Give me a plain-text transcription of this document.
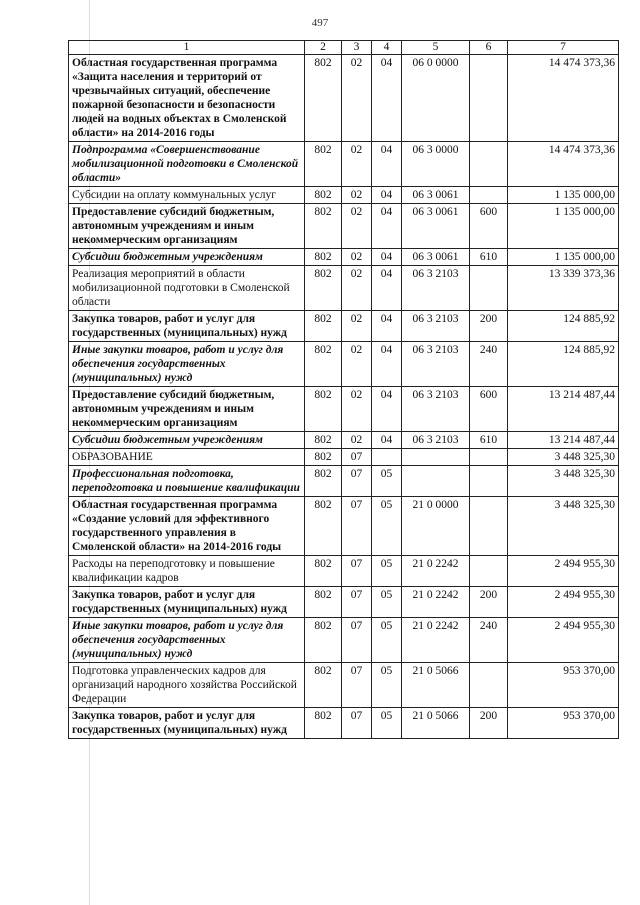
497
1	2	3	4	5	6	7
Областная государственная программа «Защита населения и территорий от чрезвычайных ситуаций, обеспечение пожарной безопасности и безопасности людей на водных объектах в Смоленской области» на 2014-2016 годы	802	02	04	06 0 0000		14 474 373,36
Подпрограмма «Совершенствование мобилизационной подготовки в Смоленской области»	802	02	04	06 3 0000		14 474 373,36
Субсидии на оплату коммунальных услуг	802	02	04	06 3 0061		1 135 000,00
Предоставление субсидий бюджетным, автономным учреждениям и иным некоммерческим организациям	802	02	04	06 3 0061	600	1 135 000,00
Субсидии бюджетным учреждениям	802	02	04	06 3 0061	610	1 135 000,00
Реализация мероприятий в области мобилизационной подготовки в Смоленской области	802	02	04	06 3 2103		13 339 373,36
Закупка товаров, работ и услуг для государственных (муниципальных) нужд	802	02	04	06 3 2103	200	124 885,92
Иные закупки товаров, работ и услуг для обеспечения государственных (муниципальных) нужд	802	02	04	06 3 2103	240	124 885,92
Предоставление субсидий бюджетным, автономным учреждениям и иным некоммерческим организациям	802	02	04	06 3 2103	600	13 214 487,44
Субсидии бюджетным учреждениям	802	02	04	06 3 2103	610	13 214 487,44
ОБРАЗОВАНИЕ	802	07				3 448 325,30
Профессиональная подготовка, переподготовка и повышение квалификации	802	07	05			3 448 325,30
Областная государственная программа «Создание условий для эффективного государственного управления в Смоленской области» на 2014-2016 годы	802	07	05	21 0 0000		3 448 325,30
Расходы на переподготовку и повышение квалификации кадров	802	07	05	21 0 2242		2 494 955,30
Закупка товаров, работ и услуг для государственных (муниципальных) нужд	802	07	05	21 0 2242	200	2 494 955,30
Иные закупки товаров, работ и услуг для обеспечения государственных (муниципальных) нужд	802	07	05	21 0 2242	240	2 494 955,30
Подготовка управленческих кадров для организаций народного хозяйства Российской Федерации	802	07	05	21 0 5066		953 370,00
Закупка товаров, работ и услуг для государственных (муниципальных) нужд	802	07	05	21 0 5066	200	953 370,00
